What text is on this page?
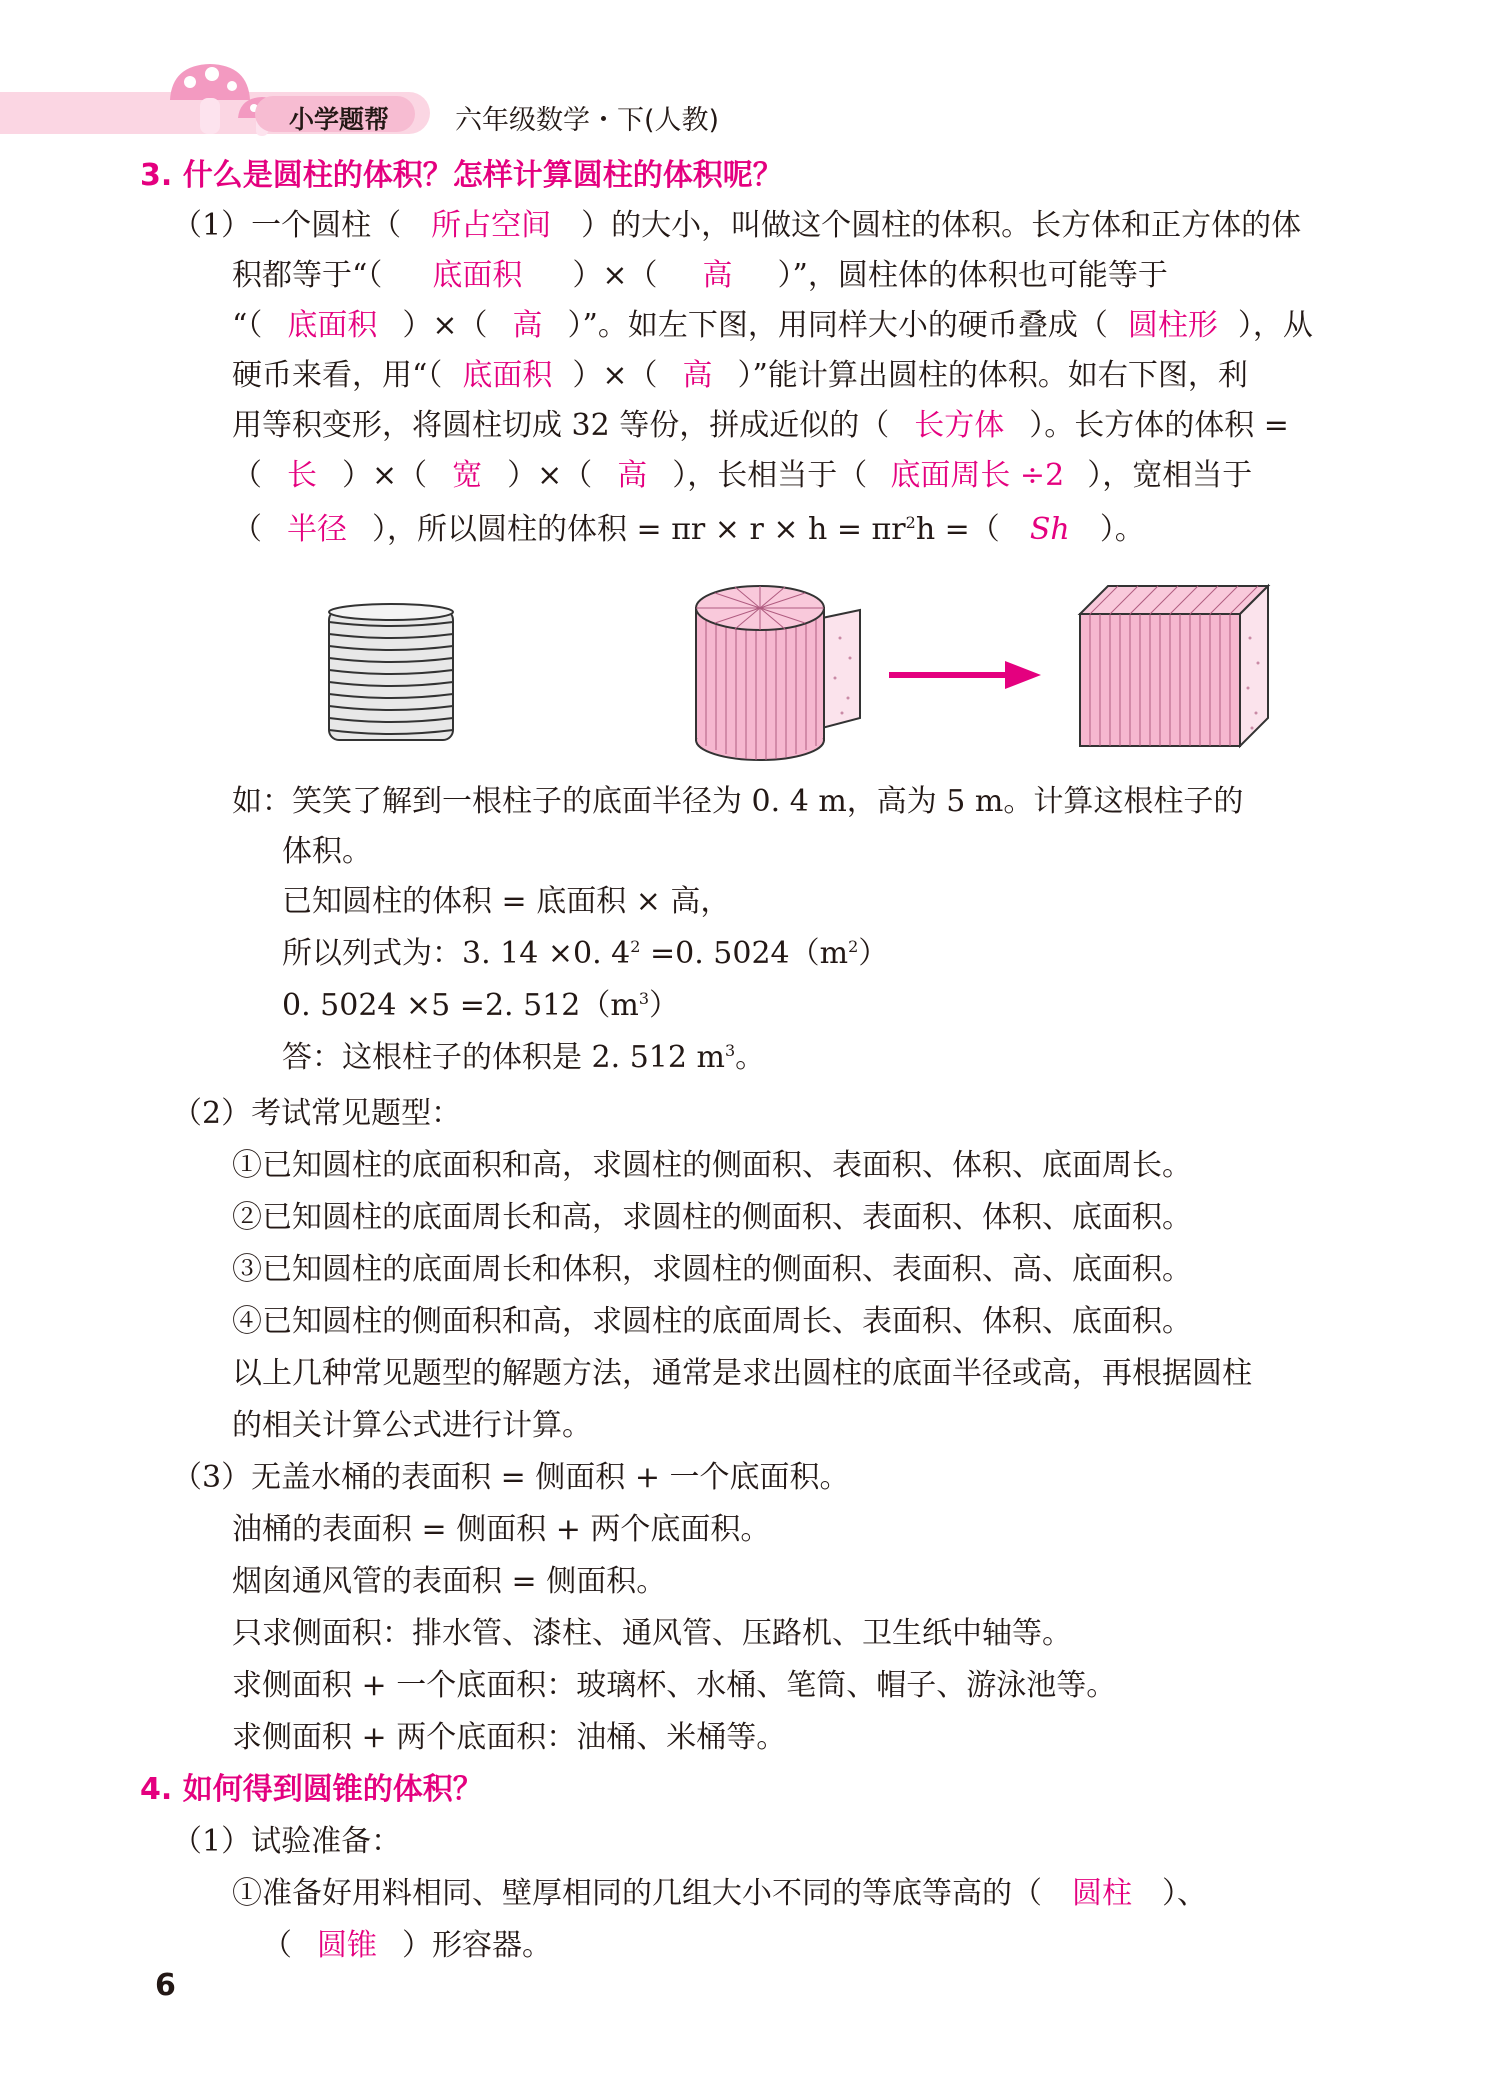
小学题帮 六年级数学・下(人教)
3. 什么是圆柱的体积？怎样计算圆柱的体积呢？
（1）一个圆柱（ 所占空间 ）的大小，叫做这个圆柱的体积。长方体和正方体的体
积都等于“（ 底面积 ）×（ 高 ）”，圆柱体的体积也可能等于
“（ 底面积 ）×（ 高 ）”。如左下图，用同样大小的硬币叠成（ 圆柱形 ），从
硬币来看，用“（ 底面积 ）×（ 高 ）”能计算出圆柱的体积。如右下图，利
用等积变形，将圆柱切成 32 等份，拼成近似的（ 长方体 ）。长方体的体积 =
（ 长 ）×（ 宽 ）×（ 高 ），长相当于（ 底面周长 ÷2 ），宽相当于
（ 半径 ），所以圆柱的体积 = $\pi r \times r \times h = \pi r^2h$ =（ Sh ）。
如：笑笑了解到一根柱子的底面半径为 0. 4 m，高为 5 m。计算这根柱子的
体积。
已知圆柱的体积 = 底面积 × 高，
所以列式为：3. 14 ×0. $4^2 =0$. $5024(m^2)$
0. 5024 ×5 =2. $512(m^3)$
答：这根柱子的体积是 2. 512 $m^3$。
（2）考试常见题型：
①已知圆柱的底面积和高，求圆柱的侧面积、表面积、体积、底面周长。
②已知圆柱的底面周长和高，求圆柱的侧面积、表面积、体积、底面积。
③已知圆柱的底面周长和体积，求圆柱的侧面积、表面积、高、底面积。
④已知圆柱的侧面积和高，求圆柱的底面周长、表面积、体积、底面积。
以上几种常见题型的解题方法，通常是求出圆柱的底面半径或高，再根据圆柱
的相关计算公式进行计算。
（3）无盖水桶的表面积 = 侧面积 + 一个底面积。
油桶的表面积 = 侧面积 + 两个底面积。
烟囱通风管的表面积 = 侧面积。
只求侧面积：排水管、漆柱、通风管、压路机、卫生纸中轴等。
求侧面积 + 一个底面积：玻璃杯、水桶、笔筒、帽子、游泳池等。
求侧面积 + 两个底面积：油桶、米桶等。
4. 如何得到圆锥的体积？
（1）试验准备：
①准备好用料相同、壁厚相同的几组大小不同的等底等高的（ 圆柱 ）、
（ 圆锥 ）形容器。
6
